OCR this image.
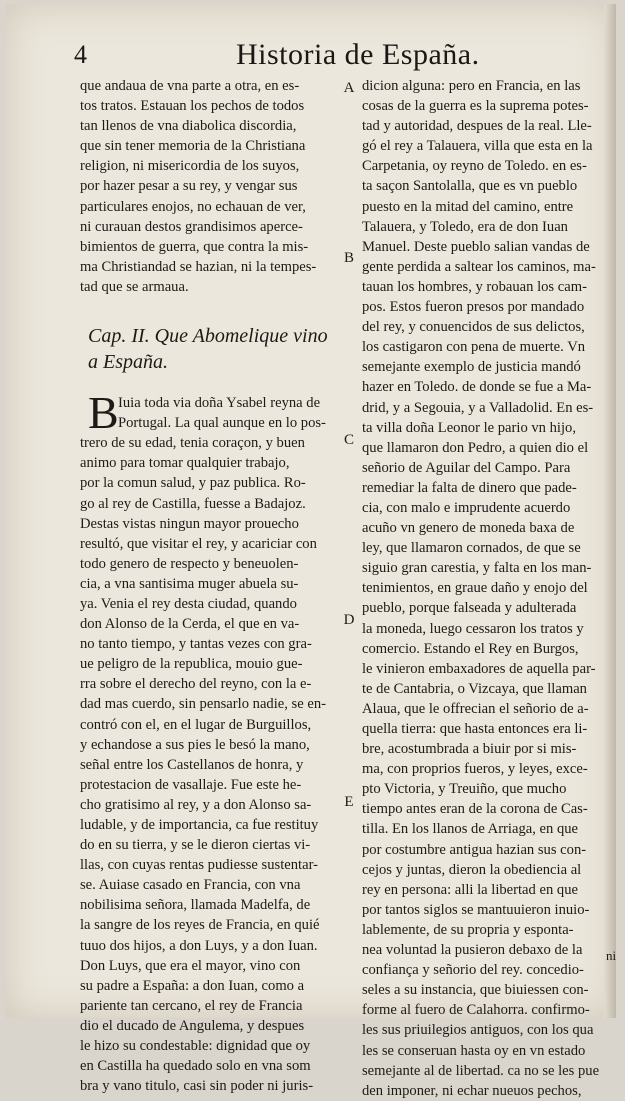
4	Historia de España.
que andaua de vna parte a otra, en es-
tos tratos. Estauan los pechos de todos
tan llenos de vna diabolica discordia,
que sin tener memoria de la Christiana
religion, ni misericordia de los suyos,
por hazer pesar a su rey, y vengar sus
particulares enojos, no echauan de ver,
ni curauan destos grandisimos aperce-
bimientos de guerra, que contra la mis-
ma Christiandad se hazian, ni la tempes-
tad que se armaua.
Cap. II. Que Abomelique vino
a España.
B Iuia toda via doña Ysabel reyna de
Portugal. La qual aunque en lo pos-
trero de su edad, tenia coraçon, y buen
animo para tomar qualquier trabajo,
por la comun salud, y paz publica. Ro-
go al rey de Castilla, fuesse a Badajoz.
Destas vistas ningun mayor prouecho
resultó, que visitar el rey, y acariciar con
todo genero de respecto y beneuolen-
cia, a vna santisima muger abuela su-
ya. Venia el rey desta ciudad, quando
don Alonso de la Cerda, el que en va-
no tanto tiempo, y tantas vezes con gra-
ue peligro de la republica, mouio gue-
rra sobre el derecho del reyno, con la e-
dad mas cuerdo, sin pensarlo nadie, se en-
contró con el, en el lugar de Burguillos,
y echandose a sus pies le besó la mano,
señal entre los Castellanos de honra, y
protestacion de vasallaje. Fue este he-
cho gratisimo al rey, y a don Alonso sa-
ludable, y de importancia, ca fue restituy
do en su tierra, y se le dieron ciertas vi-
llas, con cuyas rentas pudiesse sustentar-
se. Auiase casado en Francia, con vna
nobilisima señora, llamada Madelfa, de
la sangre de los reyes de Francia, en quié
tuuo dos hijos, a don Luys, y a don Iuan.
Don Luys, que era el mayor, vino con
su padre a España: a don Iuan, como a
pariente tan cercano, el rey de Francia
dio el ducado de Angulema, y despues
le hizo su condestable: dignidad que oy
en Castilla ha quedado solo en vna som
bra y vano titulo, casi sin poder ni juris-
A
B
C
D
E
dicion alguna: pero en Francia, en las
cosas de la guerra es la suprema potes-
tad y autoridad, despues de la real. Lle-
gó el rey a Talauera, villa que esta en la
Carpetania, oy reyno de Toledo. en es-
ta saçon Santolalla, que es vn pueblo
puesto en la mitad del camino, entre
Talauera, y Toledo, era de don Iuan
Manuel. Deste pueblo salian vandas de
gente perdida a saltear los caminos, ma-
tauan los hombres, y robauan los cam-
pos. Estos fueron presos por mandado
del rey, y conuencidos de sus delictos,
los castigaron con pena de muerte. Vn
semejante exemplo de justicia mandó
hazer en Toledo. de donde se fue a Ma-
drid, y a Segouia, y a Valladolid. En es-
ta villa doña Leonor le pario vn hijo,
que llamaron don Pedro, a quien dio el
señorio de Aguilar del Campo. Para
remediar la falta de dinero que pade-
cia, con malo e imprudente acuerdo
acuño vn genero de moneda baxa de
ley, que llamaron cornados, de que se
siguio gran carestia, y falta en los man-
tenimientos, en graue daño y enojo del
pueblo, porque falseada y adulterada
la moneda, luego cessaron los tratos y
comercio. Estando el Rey en Burgos,
le vinieron embaxadores de aquella par-
te de Cantabria, o Vizcaya, que llaman
Alaua, que le offrecian el señorio de a-
quella tierra: que hasta entonces era li-
bre, acostumbrada a biuir por si mis-
ma, con proprios fueros, y leyes, exce-
pto Victoria, y Treuiño, que mucho
tiempo antes eran de la corona de Cas-
tilla. En los llanos de Arriaga, en que
por costumbre antigua hazian sus con-
cejos y juntas, dieron la obediencia al
rey en persona: alli la libertad en que
por tantos siglos se mantuuieron inuio-
lablemente, de su propria y esponta-
nea voluntad la pusieron debaxo de la
confiança y señorio del rey. concedio-
seles a su instancia, que biuiessen con-
forme al fuero de Calahorra. confirmo-
les sus priuilegios antiguos, con los qua
les se conseruan hasta oy en vn estado
semejante al de libertad. ca no se les pue
den imponer, ni echar nueuos pechos,
ni
